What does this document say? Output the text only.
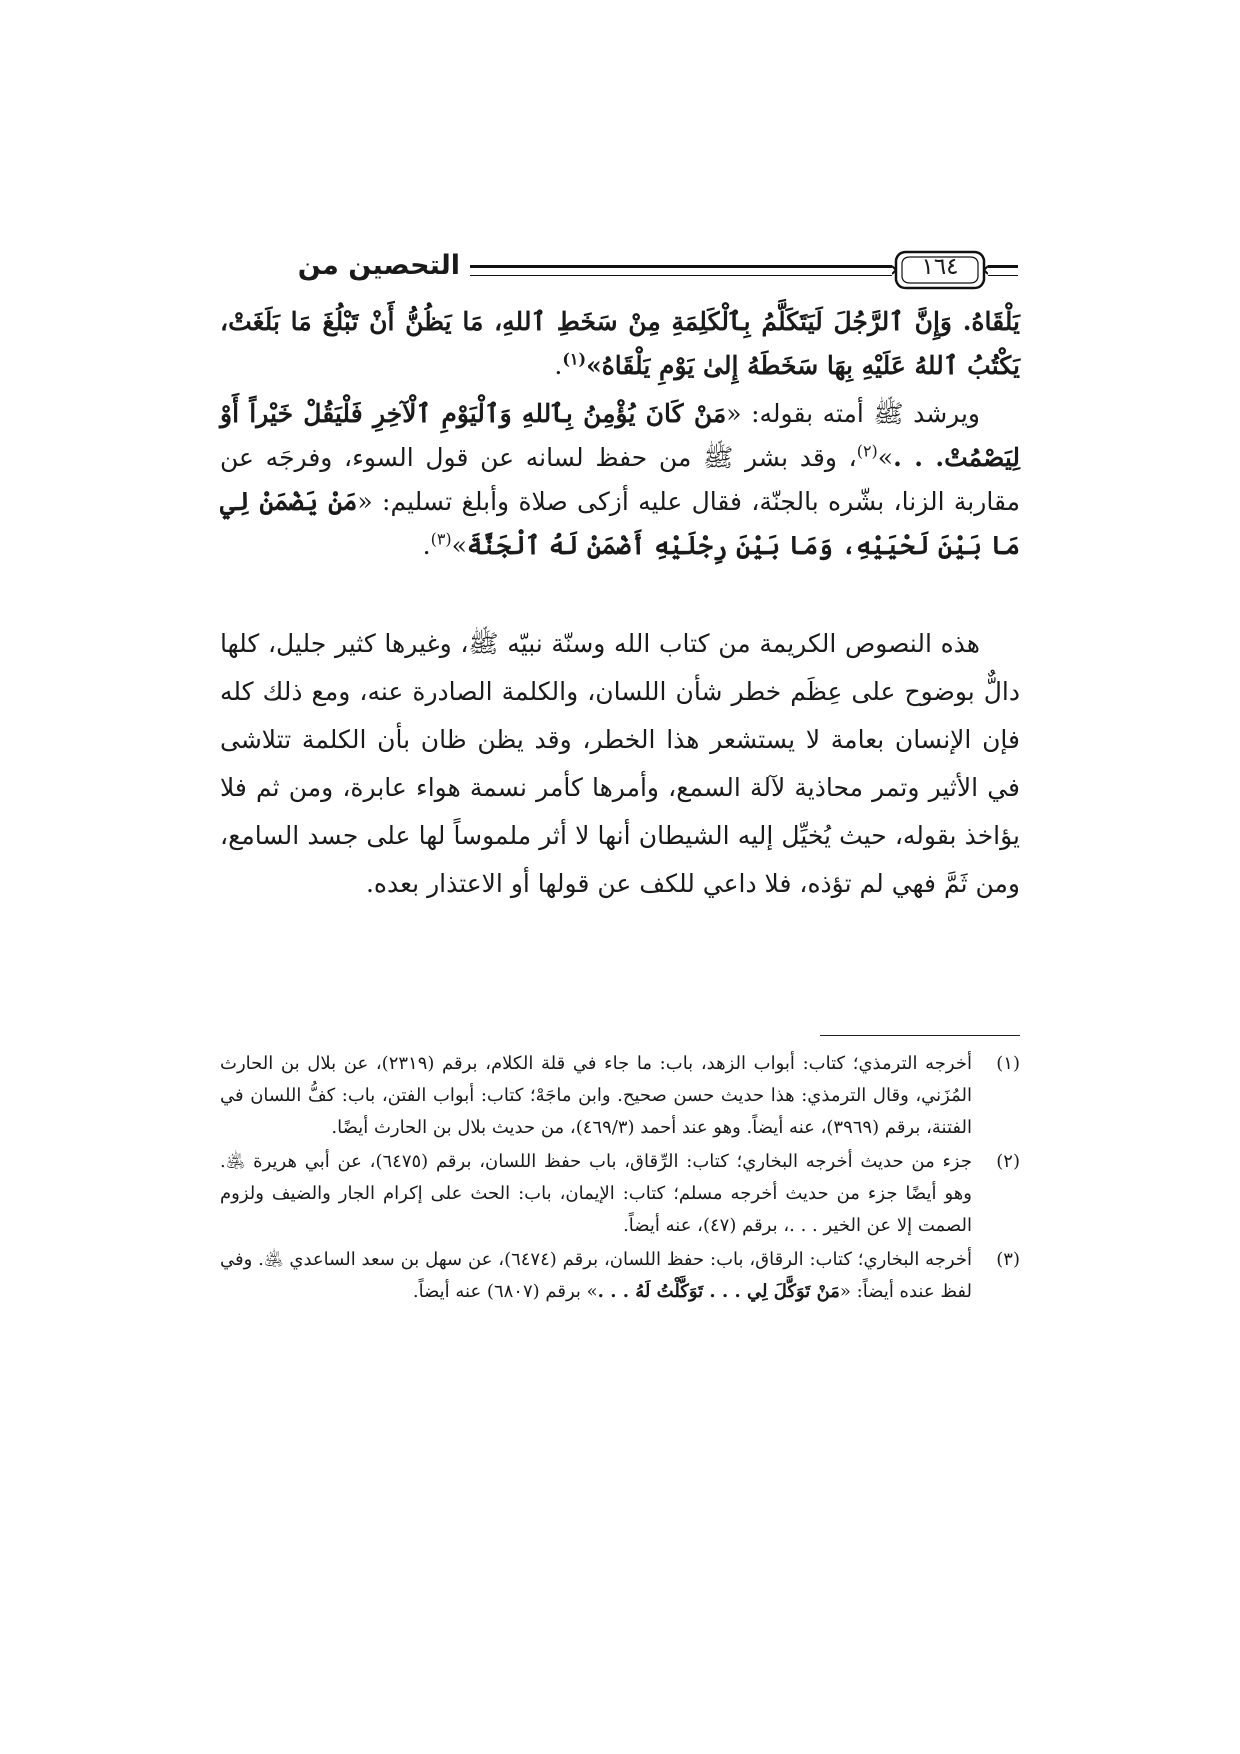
التحصين من	١٦٤
يَلْقَاهُ. وَإِنَّ ٱلرَّجُلَ لَيَتَكَلَّمُ بِٱلْكَلِمَةِ مِنْ سَخَطِ ٱللهِ، مَا يَظُنُّ أَنْ تَبْلُغَ مَا بَلَغَتْ، يَكْتُبُ ٱللهُ عَلَيْهِ بِهَا سَخَطَهُ إِلىٰ يَوْمِ يَلْقَاهُ»$^{(١)}$.
ويرشد ﷺ أمته بقوله: «مَنْ كَانَ يُؤْمِنُ بِٱللهِ وَٱلْيَوْمِ ٱلْآخِرِ فَلْيَقُلْ خَيْراً أَوْ لِيَصْمُتْ. . .»$^{(٢)}$، وقد بشر ﷺ من حفظ لسانه عن قول السوء، وفرجَه عن مقاربة الزنا، بشّره بالجنّة، فقال عليه أزكى صلاة وأبلغ تسليم: «مَنْ يَضْمَنْ لِي مَا بَيْنَ لَحْيَيْهِ، وَمَا بَيْنَ رِجْلَيْهِ أَضْمَنْ لَهُ ٱلْجَنَّةَ»$^{(٣)}$.
هذه النصوص الكريمة من كتاب الله وسنّة نبيّه ﷺ، وغيرها كثير جليل، كلها دالٌّ بوضوح على عِظَم خطر شأن اللسان، والكلمة الصادرة عنه، ومع ذلك كله فإن الإنسان بعامة لا يستشعر هذا الخطر، وقد يظن ظان بأن الكلمة تتلاشى في الأثير وتمر محاذية لآلة السمع، وأمرها كأمر نسمة هواء عابرة، ومن ثم فلا يؤاخذ بقوله، حيث يُخيِّل إليه الشيطان أنها لا أثر ملموساً لها على جسد السامع، ومن ثَمَّ فهي لم تؤذه، فلا داعي للكف عن قولها أو الاعتذار بعده.
(١)
أخرجه الترمذي؛ كتاب: أبواب الزهد، باب: ما جاء في قلة الكلام، برقم (٢٣١٩)، عن بلال بن الحارث المُزَني، وقال الترمذي: هذا حديث حسن صحيح. وابن ماجَهْ؛ كتاب: أبواب الفتن، باب: كفُّ اللسان في الفتنة، برقم (٣٩٦٩)، عنه أيضاً. وهو عند أحمد (٤٦٩/٣)، من حديث بلال بن الحارث أيضًا.
(٢)
جزء من حديث أخرجه البخاري؛ كتاب: الرِّقاق، باب حفظ اللسان، برقم (٦٤٧٥)، عن أبي هريرة ﵁. وهو أيضًا جزء من حديث أخرجه مسلم؛ كتاب: الإيمان، باب: الحث على إكرام الجار والضيف ولزوم الصمت إلا عن الخير . . .، برقم (٤٧)، عنه أيضاً.
(٣)
أخرجه البخاري؛ كتاب: الرقاق، باب: حفظ اللسان، برقم (٦٤٧٤)، عن سهل بن سعد الساعدي ﵁. وفي لفظ عنده أيضاً: «مَنْ تَوَكَّلَ لِي . . . تَوَكَّلْتُ لَهُ . . .» برقم (٦٨٠٧) عنه أيضاً.
